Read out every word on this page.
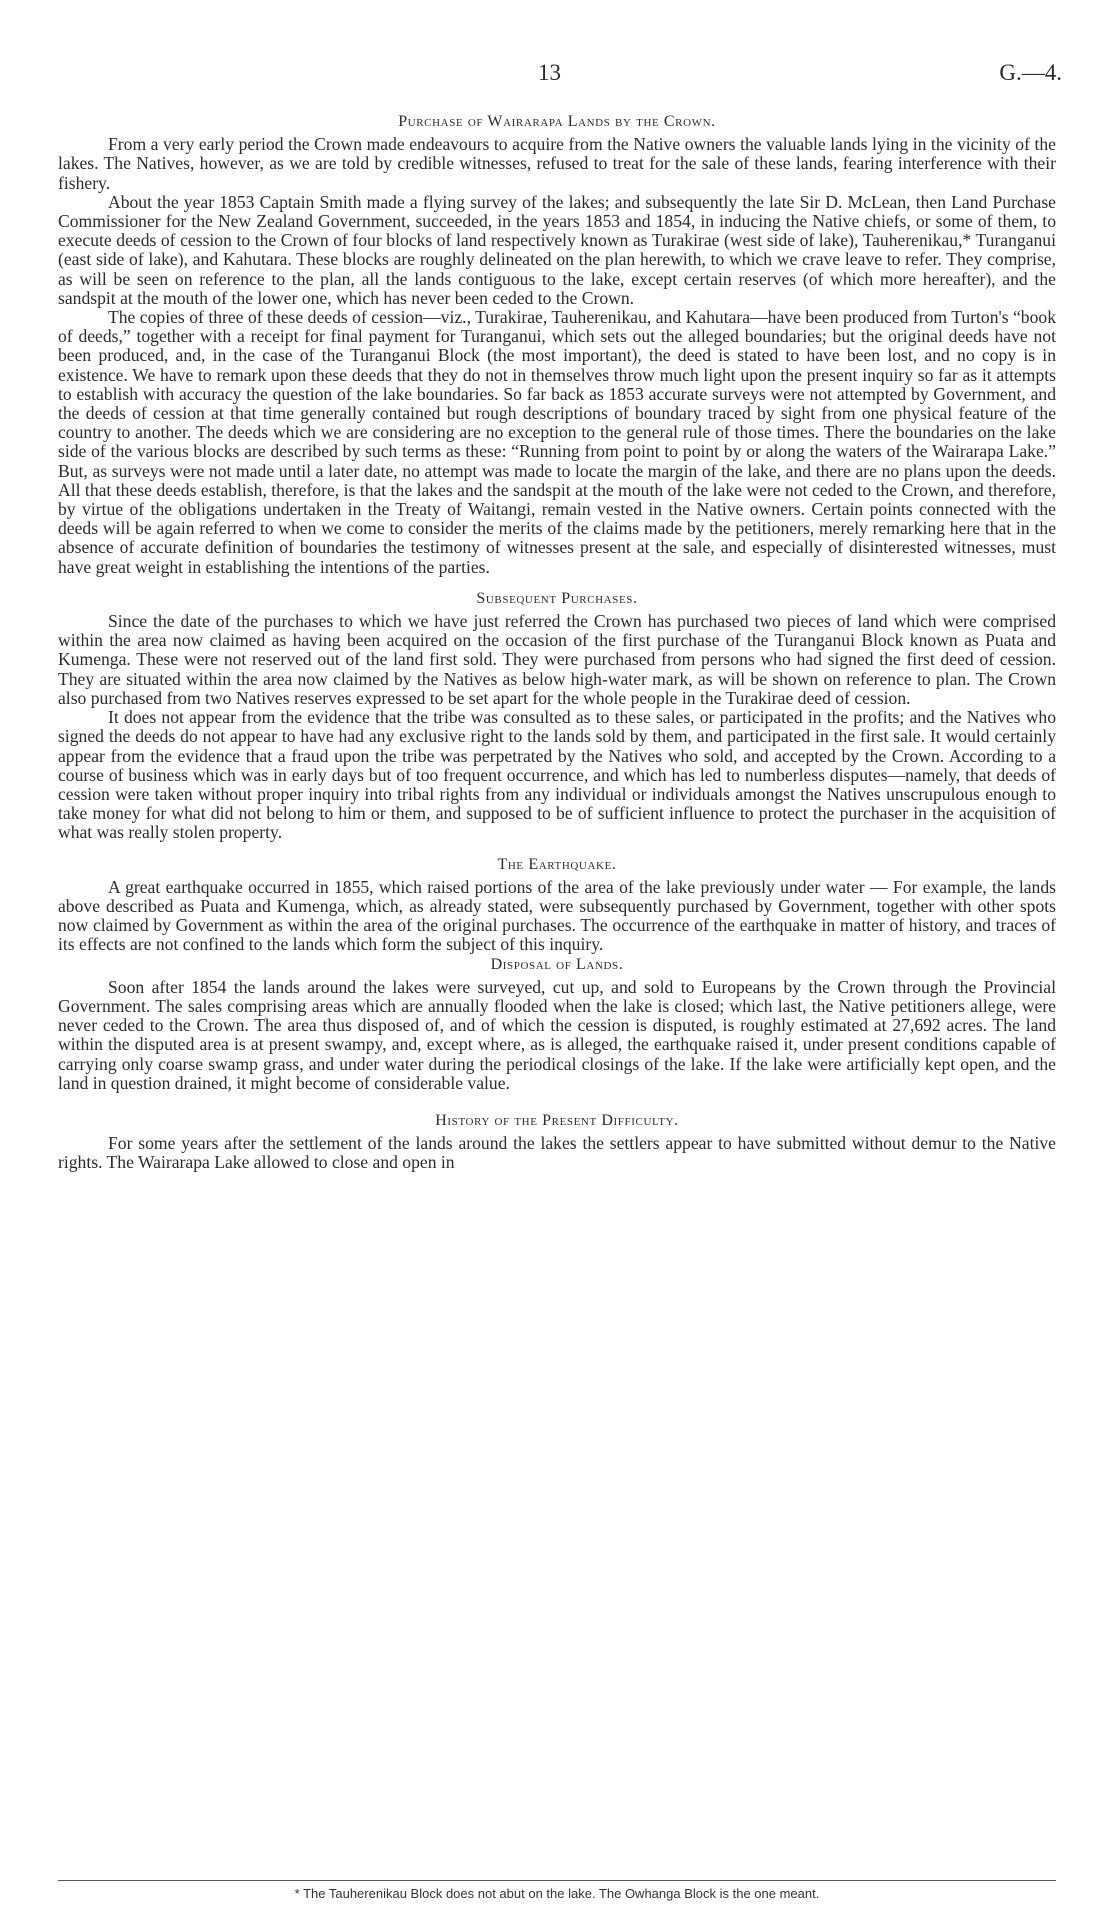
13	G.—4.
Purchase of Wairarapa Lands by the Crown.

From a very early period the Crown made endeavours to acquire from the Native owners the valuable lands lying in the vicinity of the lakes. The Natives, however, as we are told by credible witnesses, refused to treat for the sale of these lands, fearing interference with their fishery.

About the year 1853 Captain Smith made a flying survey of the lakes; and subsequently the late Sir D. McLean, then Land Purchase Commissioner for the New Zealand Government, succeeded, in the years 1853 and 1854, in inducing the Native chiefs, or some of them, to execute deeds of cession to the Crown of four blocks of land respectively known as Turakirae (west side of lake), Tauherenikau,* Turanganui (east side of lake), and Kahutara. These blocks are roughly delineated on the plan herewith, to which we crave leave to refer. They comprise, as will be seen on reference to the plan, all the lands contiguous to the lake, except certain reserves (of which more hereafter), and the sandspit at the mouth of the lower one, which has never been ceded to the Crown.

The copies of three of these deeds of cession—viz., Turakirae, Tauherenikau, and Kahutara—have been produced from Turton's “book of deeds,” together with a receipt for final payment for Turanganui, which sets out the alleged boundaries; but the original deeds have not been produced, and, in the case of the Turanganui Block (the most important), the deed is stated to have been lost, and no copy is in existence. We have to remark upon these deeds that they do not in themselves throw much light upon the present inquiry so far as it attempts to establish with accuracy the question of the lake boundaries. So far back as 1853 accurate surveys were not attempted by Government, and the deeds of cession at that time generally contained but rough descriptions of boundary traced by sight from one physical feature of the country to another. The deeds which we are considering are no exception to the general rule of those times. There the boundaries on the lake side of the various blocks are described by such terms as these: “Running from point to point by or along the waters of the Wairarapa Lake.” But, as surveys were not made until a later date, no attempt was made to locate the margin of the lake, and there are no plans upon the deeds. All that these deeds establish, therefore, is that the lakes and the sandspit at the mouth of the lake were not ceded to the Crown, and therefore, by virtue of the obligations undertaken in the Treaty of Waitangi, remain vested in the Native owners. Certain points connected with the deeds will be again referred to when we come to consider the merits of the claims made by the petitioners, merely remarking here that in the absence of accurate definition of boundaries the testimony of witnesses present at the sale, and especially of disinterested witnesses, must have great weight in establishing the intentions of the parties.

Subsequent Purchases.

Since the date of the purchases to which we have just referred the Crown has purchased two pieces of land which were comprised within the area now claimed as having been acquired on the occasion of the first purchase of the Turanganui Block known as Puata and Kumenga. These were not reserved out of the land first sold. They were purchased from persons who had signed the first deed of cession. They are situated within the area now claimed by the Natives as below high-water mark, as will be shown on reference to plan. The Crown also purchased from two Natives reserves expressed to be set apart for the whole people in the Turakirae deed of cession.

It does not appear from the evidence that the tribe was consulted as to these sales, or participated in the profits; and the Natives who signed the deeds do not appear to have had any exclusive right to the lands sold by them, and participated in the first sale. It would certainly appear from the evidence that a fraud upon the tribe was perpetrated by the Natives who sold, and accepted by the Crown. According to a course of business which was in early days but of too frequent occurrence, and which has led to numberless disputes—namely, that deeds of cession were taken without proper inquiry into tribal rights from any individual or individuals amongst the Natives unscrupulous enough to take money for what did not belong to him or them, and supposed to be of sufficient influence to protect the purchaser in the acquisition of what was really stolen property.

The Earthquake.

A great earthquake occurred in 1855, which raised portions of the area of the lake previously under water — For example, the lands above described as Puata and Kumenga, which, as already stated, were subsequently purchased by Government, together with other spots now claimed by Government as within the area of the original purchases. The occurrence of the earthquake in matter of history, and traces of its effects are not confined to the lands which form the subject of this inquiry.

Disposal of Lands.

Soon after 1854 the lands around the lakes were surveyed, cut up, and sold to Europeans by the Crown through the Provincial Government. The sales comprising areas which are annually flooded when the lake is closed; which last, the Native petitioners allege, were never ceded to the Crown. The area thus disposed of, and of which the cession is disputed, is roughly estimated at 27,692 acres. The land within the disputed area is at present swampy, and, except where, as is alleged, the earthquake raised it, under present conditions capable of carrying only coarse swamp grass, and under water during the periodical closings of the lake. If the lake were artificially kept open, and the land in question drained, it might become of considerable value.

History of the Present Difficulty.

For some years after the settlement of the lands around the lakes the settlers appear to have submitted without demur to the Native rights. The Wairarapa Lake allowed to close and open in

* The Tauherenikau Block does not abut on the lake. The Owhanga Block is the one meant.
